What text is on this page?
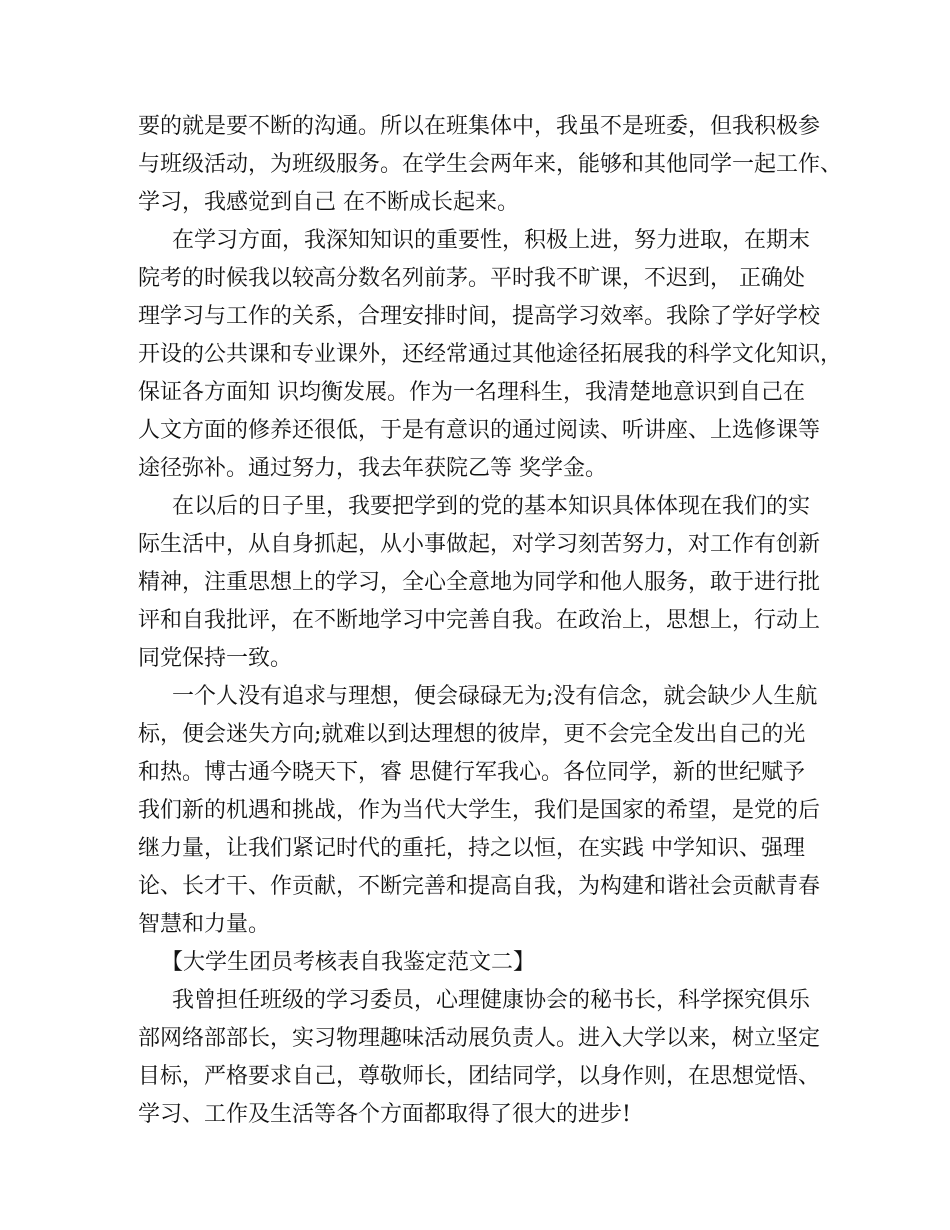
要的就是要不断的沟通。所以在班集体中，我虽不是班委，但我积极参
与班级活动，为班级服务。在学生会两年来，能够和其他同学一起工作、
学习，我感觉到自己 在不断成长起来。
在学习方面，我深知知识的重要性，积极上进，努力进取，在期末
院考的时候我以较高分数名列前茅。平时我不旷课，不迟到， 正确处
理学习与工作的关系，合理安排时间，提高学习效率。我除了学好学校
开设的公共课和专业课外，还经常通过其他途径拓展我的科学文化知识，
保证各方面知 识均衡发展。作为一名理科生，我清楚地意识到自己在
人文方面的修养还很低，于是有意识的通过阅读、听讲座、上选修课等
途径弥补。通过努力，我去年获院乙等 奖学金。
在以后的日子里，我要把学到的党的基本知识具体体现在我们的实
际生活中，从自身抓起，从小事做起，对学习刻苦努力，对工作有创新
精神，注重思想上的学习，全心全意地为同学和他人服务，敢于进行批
评和自我批评，在不断地学习中完善自我。在政治上，思想上，行动上
同党保持一致。
一个人没有追求与理想，便会碌碌无为;没有信念，就会缺少人生航
标，便会迷失方向;就难以到达理想的彼岸，更不会完全发出自己的光
和热。博古通今晓天下，睿 思健行军我心。各位同学，新的世纪赋予
我们新的机遇和挑战，作为当代大学生，我们是国家的希望，是党的后
继力量，让我们紧记时代的重托，持之以恒，在实践 中学知识、强理
论、长才干、作贡献，不断完善和提高自我，为构建和谐社会贡献青春
智慧和力量。
【大学生团员考核表自我鉴定范文二】
我曾担任班级的学习委员，心理健康协会的秘书长，科学探究俱乐
部网络部部长，实习物理趣味活动展负责人。进入大学以来，树立坚定
目标，严格要求自己，尊敬师长，团结同学，以身作则，在思想觉悟、
学习、工作及生活等各个方面都取得了很大的进步!
